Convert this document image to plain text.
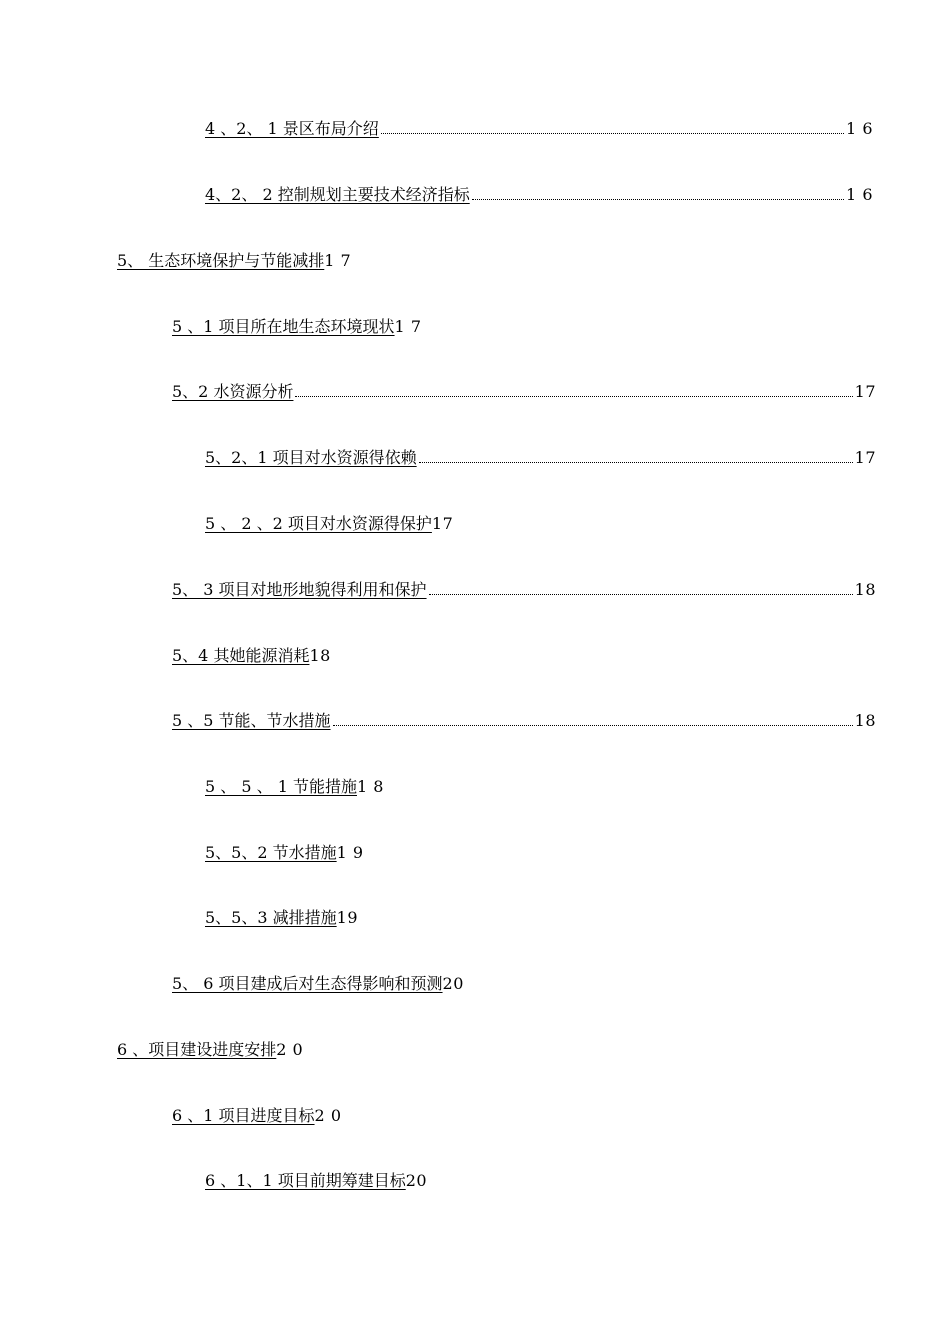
4 、2、 1 景区布局介绍	1 6
4、2、 2 控制规划主要技术经济指标	1 6
5、 生态环境保护与节能减排 1 7
5 、1 项目所在地生态环境现状 1 7
5、2 水资源分析	17
5、2、1 项目对水资源得依赖	17
5 、 2 、2 项目对水资源得保护 17
5、 3 项目对地形地貌得利用和保护	18
5、4 其她能源消耗 18
5 、5 节能、节水措施	18
5 、 5 、 1 节能措施 1 8
5、5、2 节水措施 1 9
5、5、3 减排措施 19
5、 6 项目建成后对生态得影响和预测 20
6 、项目建设进度安排 2 0
6 、1 项目进度目标 2 0
6 、1、1 项目前期筹建目标 20
